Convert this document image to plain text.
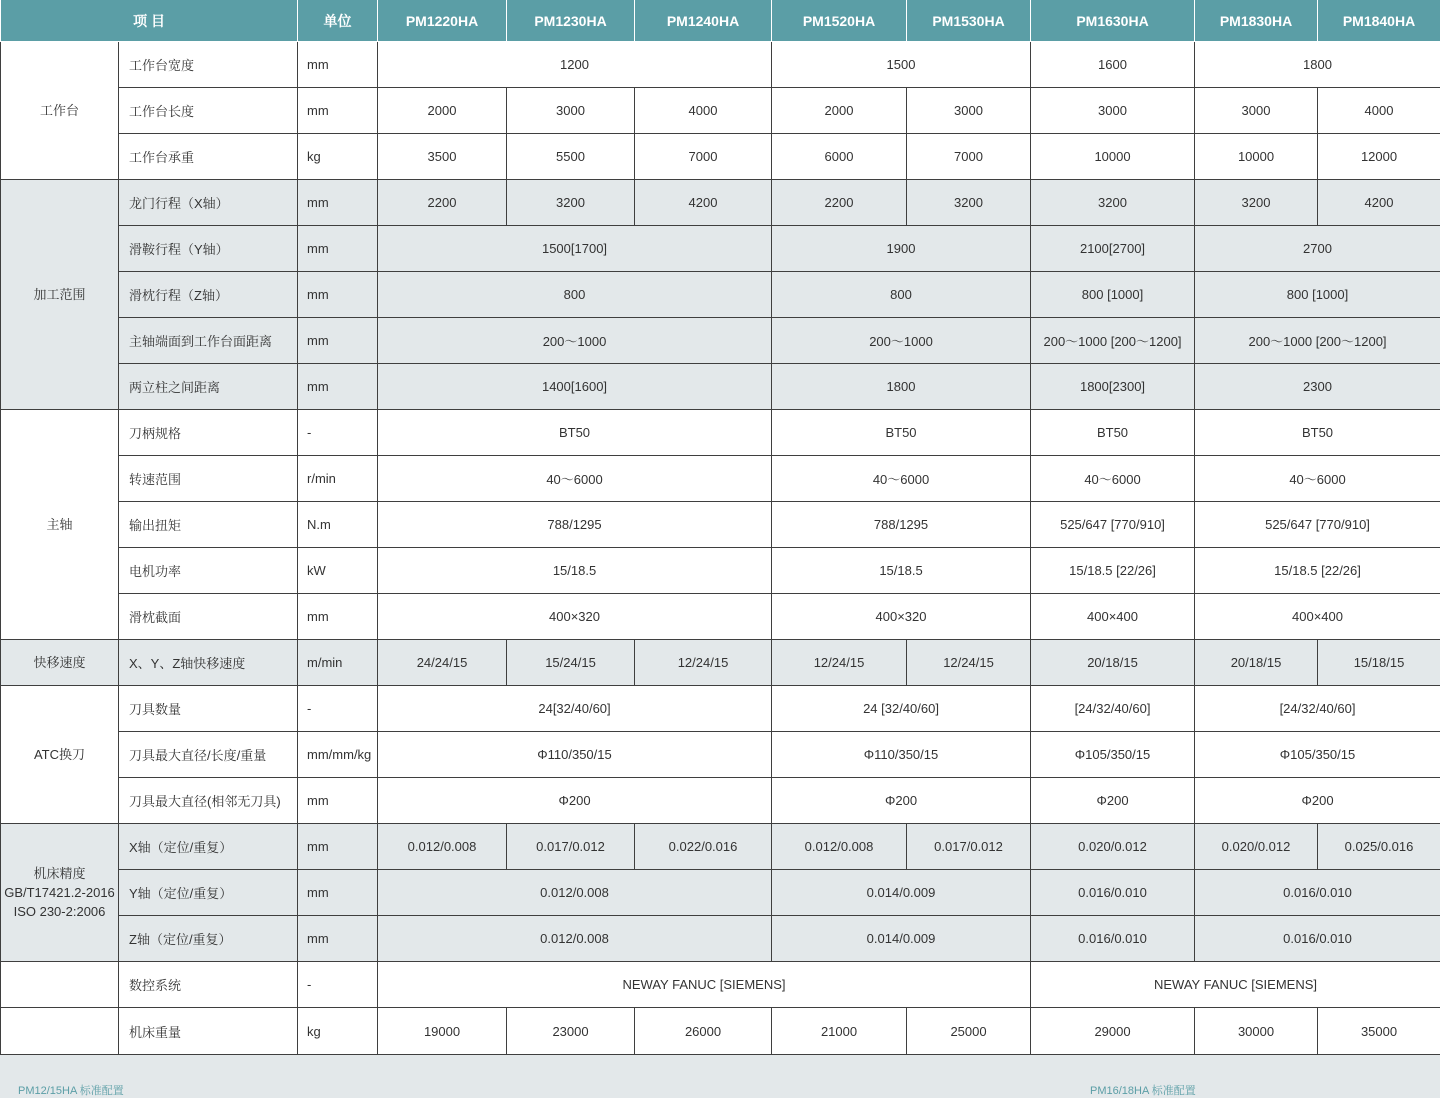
项 目		单位	PM1220HA	PM1230HA	PM1240HA	PM1520HA	PM1530HA	PM1630HA	PM1830HA	PM1840HA
工作台	工作台宽度	mm	1200			1500		1600	1800	
	工作台长度	mm	2000	3000	4000	2000	3000	3000	3000	4000
	工作台承重	kg	3500	5500	7000	6000	7000	10000	10000	12000
加工范围	龙门行程（X轴）	mm	2200	3200	4200	2200	3200	3200	3200	4200
	滑鞍行程（Y轴）	mm	1500[1700]			1900		2100[2700]	2700	
	滑枕行程（Z轴）	mm	800			800		800 [1000]	800 [1000]	
	主轴端面到工作台面距离	mm	200～1000			200～1000		200～1000 [200～1200]	200～1000 [200～1200]	
	两立柱之间距离	mm	1400[1600]			1800		1800[2300]	2300	
主轴	刀柄规格	-	BT50			BT50		BT50	BT50	
	转速范围	r/min	40～6000			40～6000		40～6000	40～6000	
	输出扭矩	N.m	788/1295			788/1295		525/647 [770/910]	525/647 [770/910]	
	电机功率	kW	15/18.5			15/18.5		15/18.5 [22/26]	15/18.5 [22/26]	
	滑枕截面	mm	400×320			400×320		400×400	400×400	
快移速度	X、Y、Z轴快移速度	m/min	24/24/15	15/24/15	12/24/15	12/24/15	12/24/15	20/18/15	20/18/15	15/18/15
ATC换刀	刀具数量	-	24[32/40/60]			24 [32/40/60]		[24/32/40/60]	[24/32/40/60]	
	刀具最大直径/长度/重量	mm/mm/kg	Φ110/350/15			Φ110/350/15		Φ105/350/15	Φ105/350/15	
	刀具最大直径(相邻无刀具)	mm	Φ200			Φ200		Φ200	Φ200	
机床精度
GB/T17421.2-2016
ISO 230-2:2006	X轴（定位/重复）	mm	0.012/0.008	0.017/0.012	0.022/0.016	0.012/0.008	0.017/0.012	0.020/0.012	0.020/0.012	0.025/0.016
	Y轴（定位/重复）	mm	0.012/0.008			0.014/0.009		0.016/0.010	0.016/0.010	
	Z轴（定位/重复）	mm	0.012/0.008			0.014/0.009		0.016/0.010	0.016/0.010	
	数控系统	-	NEWAY FANUC [SIEMENS]					NEWAY FANUC [SIEMENS]		
	机床重量	kg	19000	23000	26000	21000	25000	29000	30000	35000
PM12/15HA 标准配置	PM16/18HA 标准配置
